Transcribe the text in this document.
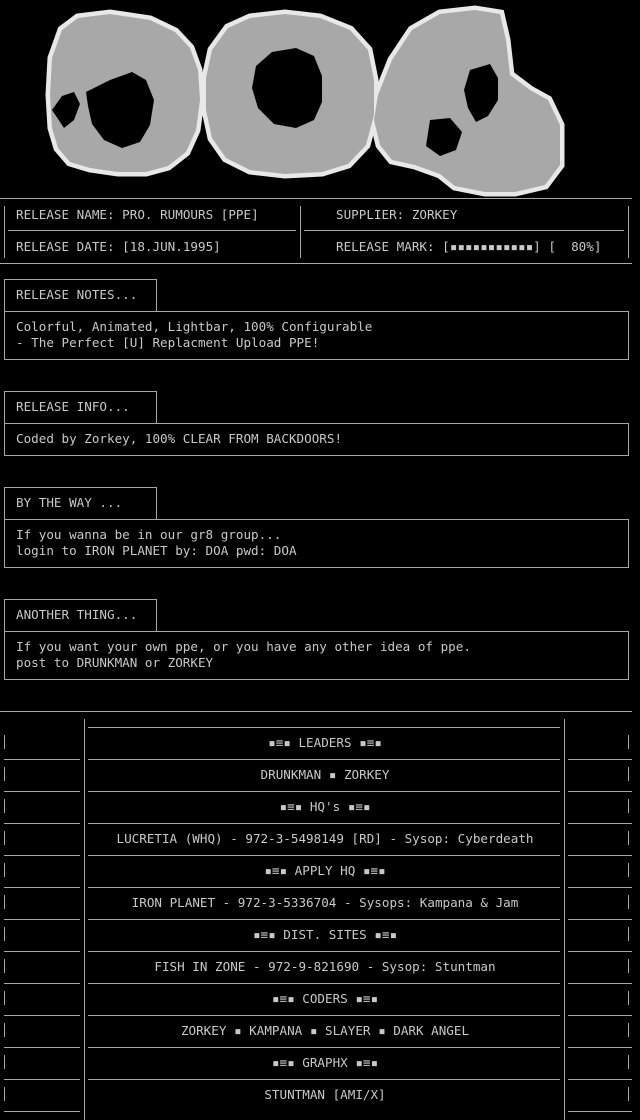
RELEASE NAME: PRO. RUMOURS [PPE]
RELEASE DATE: [18.JUN.1995]
SUPPLIER: ZORKEY
RELEASE MARK: [▪▪▪▪▪▪▪▪▪▪▪] [  80%]
RELEASE NOTES...
Colorful, Animated, Lightbar, 100% Configurable
- The Perfect [U] Replacment Upload PPE!
RELEASE INFO...
Coded by Zorkey, 100% CLEAR FROM BACKDOORS!
BY THE WAY ...
If you wanna be in our gr8 group...
login to IRON PLANET by: DOA pwd: DOA
ANOTHER THING...
If you want your own ppe, or you have any other idea of ppe.
post to DRUNKMAN or ZORKEY
▪≡▪ LEADERS ▪≡▪
DRUNKMAN ▪ ZORKEY
▪≡▪ HQ's ▪≡▪
LUCRETIA (WHQ) - 972-3-5498149 [RD] - Sysop: Cyberdeath
▪≡▪ APPLY HQ ▪≡▪
IRON PLANET - 972-3-5336704 - Sysops: Kampana & Jam
▪≡▪ DIST. SITES ▪≡▪
FISH IN ZONE - 972-9-821690 - Sysop: Stuntman
▪≡▪ CODERS ▪≡▪
ZORKEY ▪ KAMPANA ▪ SLAYER ▪ DARK ANGEL
▪≡▪ GRAPHX ▪≡▪
STUNTMAN [AMI/X]
